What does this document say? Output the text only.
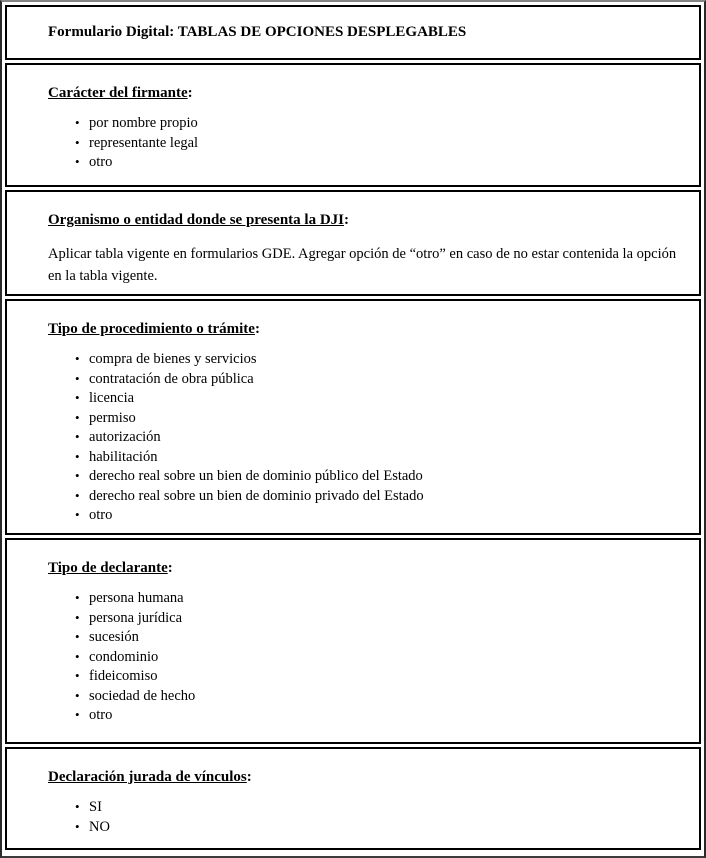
Formulario Digital: TABLAS DE OPCIONES DESPLEGABLES
Carácter del firmante:
• por nombre propio
• representante legal
• otro
Organismo o entidad donde se presenta la DJI:

Aplicar tabla vigente en formularios GDE. Agregar opción de “otro” en caso de no estar contenida la opción en la tabla vigente.

Tipo de procedimiento o trámite:
• compra de bienes y servicios
• contratación de obra pública
• licencia
• permiso
• autorización
• habilitación
• derecho real sobre un bien de dominio público del Estado
• derecho real sobre un bien de dominio privado del Estado
• otro
Tipo de declarante:
• persona humana
• persona jurídica
• sucesión
• condominio
• fideicomiso
• sociedad de hecho
• otro
Declaración jurada de vínculos:
• SI
• NO
